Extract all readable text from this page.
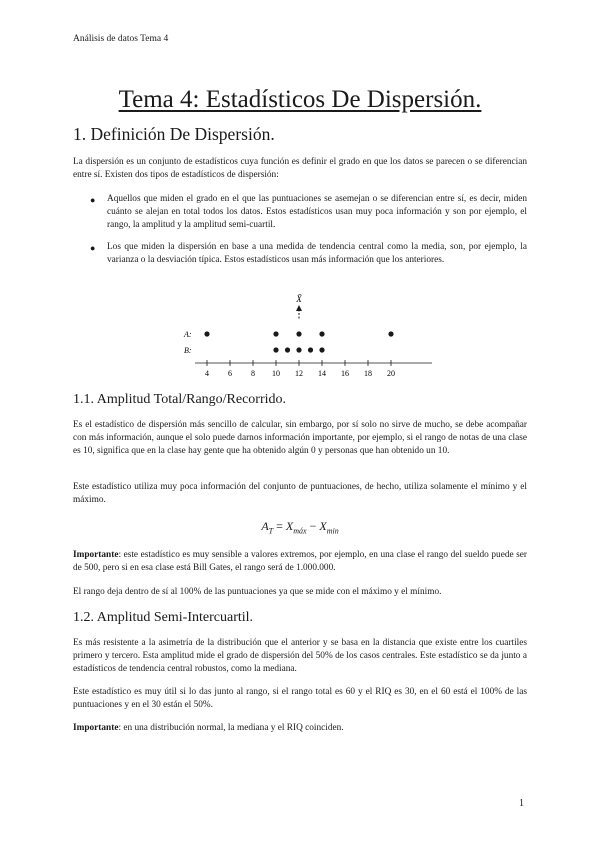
Análisis de datos Tema 4
Tema 4: Estadísticos De Dispersión.
1. Definición De Dispersión.

La dispersión es un conjunto de estadísticos cuya función es definir el grado en que los datos se parecen o se diferencian entre sí. Existen dos tipos de estadísticos de dispersión:

● Aquellos que miden el grado en el que las puntuaciones se asemejan o se diferencian entre sí, es decir, miden cuánto se alejan en total todos los datos. Estos estadísticos usan muy poca información y son por ejemplo, el rango, la amplitud y la amplitud semi-cuartil.

● Los que miden la dispersión en base a una medida de tendencia central como la media, son, por ejemplo, la varianza o la desviación típica. Estos estadísticos usan más información que los anteriores.

X̄
A:
B:
4 6 8 10 12 14 16 18 20
1.1. Amplitud Total/Rango/Recorrido.

Es el estadístico de dispersión más sencillo de calcular, sin embargo, por sí solo no sirve de mucho, se debe acompañar con más información, aunque el solo puede darnos información importante, por ejemplo, si el rango de notas de una clase es 10, significa que en la clase hay gente que ha obtenido algún 0 y personas que han obtenido un 10.

Este estadístico utiliza muy poca información del conjunto de puntuaciones, de hecho, utiliza solamente el mínimo y el máximo.

$A_T = X_{máx} - X_{min}$

Importante: este estadístico es muy sensible a valores extremos, por ejemplo, en una clase el rango del sueldo puede ser de 500, pero si en esa clase está Bill Gates, el rango será de 1.000.000.

El rango deja dentro de sí al 100% de las puntuaciones ya que se mide con el máximo y el mínimo.

1.2. Amplitud Semi-Intercuartil.

Es más resistente a la asimetría de la distribución que el anterior y se basa en la distancia que existe entre los cuartiles primero y tercero. Esta amplitud mide el grado de dispersión del 50% de los casos centrales. Este estadístico se da junto a estadísticos de tendencia central robustos, como la mediana.

Este estadístico es muy útil si lo das junto al rango, si el rango total es 60 y el RIQ es 30, en el 60 está el 100% de las puntuaciones y en el 30 están el 50%.

Importante: en una distribución normal, la mediana y el RIQ coinciden.

1
